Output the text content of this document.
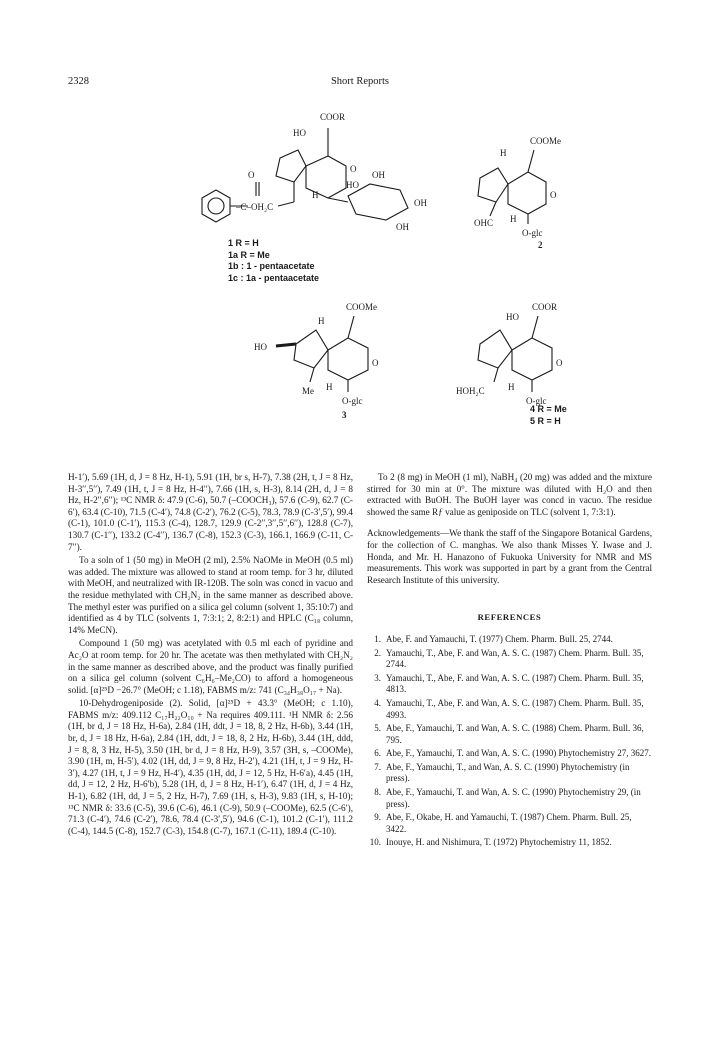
2328	Short Reports
COOR
HO
O
–C–OH₂C
H
HO
OH
OH
OH
O
COOMe
H
O
OHC H
O-glc
2
COOMe
H
HO
O
Me H
O-glc
3
COOR
HO
O
HOH₂C	H
O-glc
1 R = H
1a R = Me
1b : 1 - pentaacetate
1c : 1a - pentaacetate
4 R = Me
5 R = H

H-1′), 5.69 (1H, d, J = 8 Hz, H-1), 5.91 (1H, br s, H-7), 7.38 (2H, t, J = 8 Hz, H-3′′,5′′), 7.49 (1H, t, J = 8 Hz, H-4′′), 7.66 (1H, s, H-3), 8.14 (2H, d, J = 8 Hz, H-2′′,6′′); ¹³C NMR δ: 47.9 (C-6), 50.7 (–COOCH₃), 57.6 (C-9), 62.7 (C-6′), 63.4 (C-10), 71.5 (C-4′), 74.8 (C-2′), 76.2 (C-5), 78.3, 78.9 (C-3′,5′), 99.4 (C-1), 101.0 (C-1′), 115.3 (C-4), 128.7, 129.9 (C-2′′,3′′,5′′,6′′), 128.8 (C-7), 130.7 (C-1′′), 133.2 (C-4′′), 136.7 (C-8), 152.3 (C-3), 166.1, 166.9 (C-11, C-7′′).

To a soln of 1 (50 mg) in MeOH (2 ml), 2.5% NaOMe in MeOH (0.5 ml) was added. The mixture was allowed to stand at room temp. for 3 hr, diluted with MeOH, and neutralized with IR-120B. The soln was concd in vacuo and the residue methylated with CH₂N₂ in the same manner as described above. The methyl ester was purified on a silica gel column (solvent 1, 35:10:7) and identified as 4 by TLC (solvents 1, 7:3:1; 2, 8:2:1) and HPLC (C₁₈ column, 14% MeCN).

Compound 1 (50 mg) was acetylated with 0.5 ml each of pyridine and Ac₂O at room temp. for 20 hr. The acetate was then methylated with CH₂N₂ in the same manner as described above, and the product was finally purified on a silica gel column (solvent C₆H₆–Me₂CO) to afford a homogeneous solid. [α]²⁵D −26.7° (MeOH; c 1.18), FABMS m/z: 741 (C₃₄H₃₈O₁₇ + Na).

10-Dehydrogeniposide (2). Solid, [α]²⁵D + 43.3° (MeOH; c 1.10), FABMS m/z: 409.112 C₁₇H₂₂O₁₀ + Na requires 409.111. ¹H NMR δ: 2.56 (1H, br d, J = 18 Hz, H-6a), 2.84 (1H, ddt, J = 18, 8, 2 Hz, H-6b), 3.44 (1H, br, d, J = 18 Hz, H-6a), 2.84 (1H, ddt, J = 18, 8, 2 Hz, H-6b), 3.44 (1H, ddd, J = 8, 8, 3 Hz, H-5), 3.50 (1H, br d, J = 8 Hz, H-9), 3.57 (3H, s, –COOMe), 3.90 (1H, m, H-5′), 4.02 (1H, dd, J = 9, 8 Hz, H-2′), 4.21 (1H, t, J = 9 Hz, H-3′), 4.27 (1H, t, J = 9 Hz, H-4′), 4.35 (1H, dd, J = 12, 5 Hz, H-6′a), 4.45 (1H, dd, J = 12, 2 Hz, H-6′b), 5.28 (1H, d, J = 8 Hz, H-1′), 6.47 (1H, d, J = 4 Hz, H-1), 6.82 (1H, dd, J = 5, 2 Hz, H-7), 7.69 (1H, s, H-3), 9.83 (1H, s, H-10); ¹³C NMR δ: 33.6 (C-5), 39.6 (C-6), 46.1 (C-9), 50.9 (–COOMe), 62.5 (C-6′), 71.3 (C-4′), 74.6 (C-2′), 78.6, 78.4 (C-3′,5′), 94.6 (C-1), 101.2 (C-1′), 111.2 (C-4), 144.5 (C-8), 152.7 (C-3), 154.8 (C-7), 167.1 (C-11), 189.4 (C-10).

To 2 (8 mg) in MeOH (1 ml), NaBH₄ (20 mg) was added and the mixture stirred for 30 min at 0°. The mixture was diluted with H₂O and then extracted with BuOH. The BuOH layer was concd in vacuo. The residue showed the same Rƒ value as geniposide on TLC (solvent 1, 7:3:1).

Acknowledgements—We thank the staff of the Singapore Botanical Gardens, for the collection of C. manghas. We also thank Misses Y. Iwase and J. Honda, and Mr. H. Hanazono of Fukuoka University for NMR and MS measurements. This work was supported in part by a grant from the Central Research Institute of this university.

REFERENCES
1. Abe, F. and Yamauchi, T. (1977) Chem. Pharm. Bull. 25, 2744.
2. Yamauchi, T., Abe, F. and Wan, A. S. C. (1987) Chem. Pharm. Bull. 35, 2744.
3. Yamauchi, T., Abe, F. and Wan, A. S. C. (1987) Chem. Pharm. Bull. 35, 4813.
4. Yamauchi, T., Abe, F. and Wan, A. S. C. (1987) Chem. Pharm. Bull. 35, 4993.
5. Abe, F., Yamauchi, T. and Wan, A. S. C. (1988) Chem. Pharm. Bull. 36, 795.
6. Abe, F., Yamauchi, T. and Wan, A. S. C. (1990) Phytochemistry 27, 3627.
7. Abe, F., Yamauchi, T., and Wan, A. S. C. (1990) Phytochemistry (in press).
8. Abe, F., Yamauchi, T. and Wan, A. S. C. (1990) Phytochemistry 29, (in press).
9. Abe, F., Okabe, H. and Yamauchi, T. (1987) Chem. Pharm. Bull. 25, 3422.
10. Inouye, H. and Nishimura, T. (1972) Phytochemistry 11, 1852.
